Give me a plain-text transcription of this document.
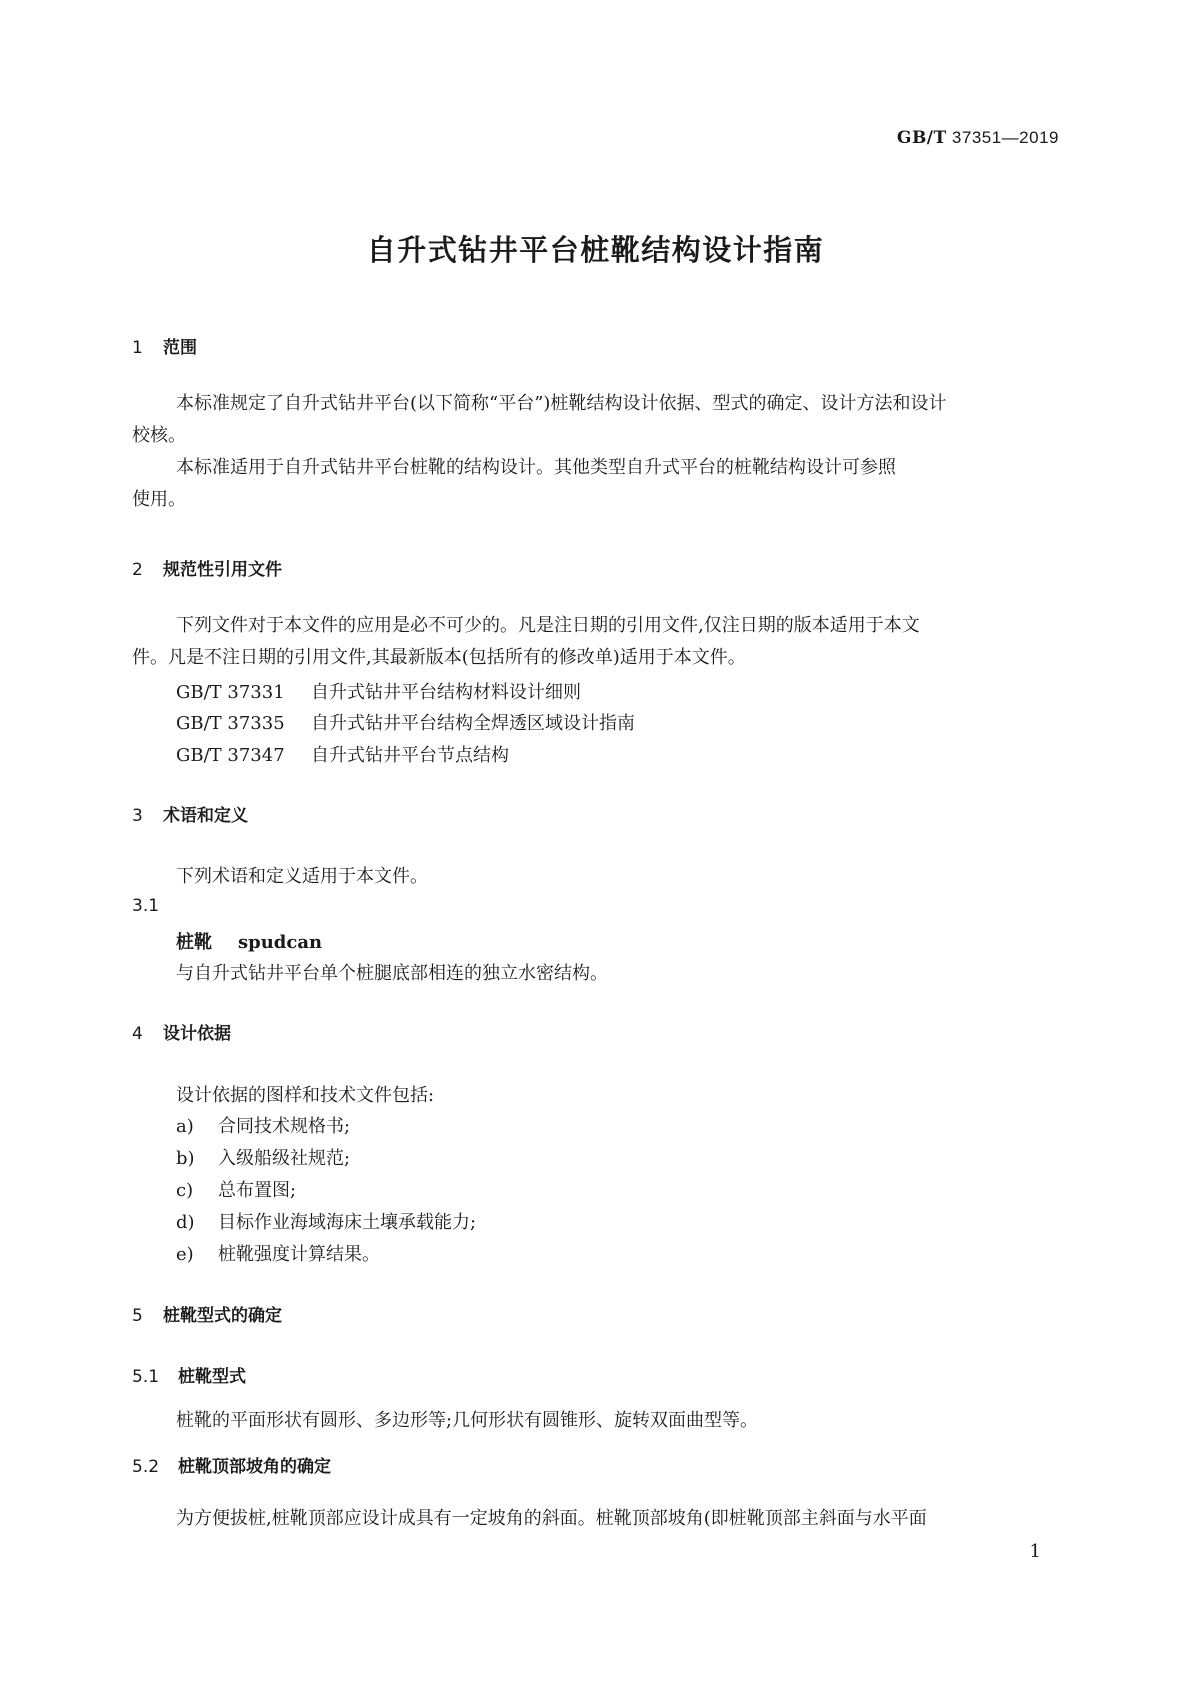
GB/T 37351—2019
自升式钻井平台桩靴结构设计指南
1 范围
本标准规定了自升式钻井平台(以下简称“平台”)桩靴结构设计依据、型式的确定、设计方法和设计
校核。
本标准适用于自升式钻井平台桩靴的结构设计。其他类型自升式平台的桩靴结构设计可参照
使用。
2 规范性引用文件
下列文件对于本文件的应用是必不可少的。凡是注日期的引用文件,仅注日期的版本适用于本文
件。凡是不注日期的引用文件,其最新版本(包括所有的修改单)适用于本文件。
GB/T 37331 自升式钻井平台结构材料设计细则
GB/T 37335 自升式钻井平台结构全焊透区域设计指南
GB/T 37347 自升式钻井平台节点结构
3 术语和定义
下列术语和定义适用于本文件。
3.1
桩靴 spudcan
与自升式钻井平台单个桩腿底部相连的独立水密结构。
4 设计依据
设计依据的图样和技术文件包括:
a) 合同技术规格书;
b) 入级船级社规范;
c) 总布置图;
d) 目标作业海域海床土壤承载能力;
e) 桩靴强度计算结果。
5 桩靴型式的确定
5.1 桩靴型式
桩靴的平面形状有圆形、多边形等;几何形状有圆锥形、旋转双面曲型等。
5.2 桩靴顶部坡角的确定
为方便拔桩,桩靴顶部应设计成具有一定坡角的斜面。桩靴顶部坡角(即桩靴顶部主斜面与水平面
1
